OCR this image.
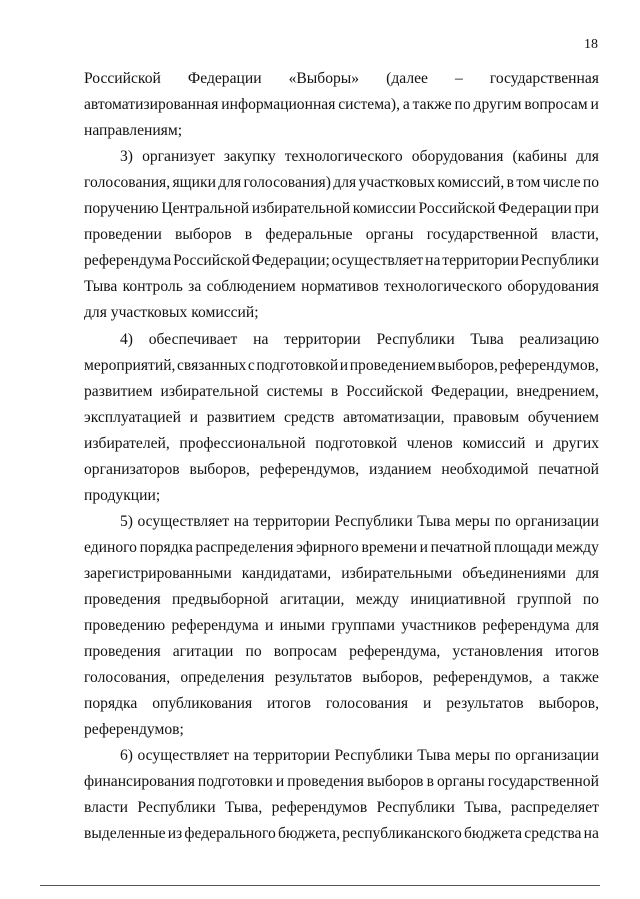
18
Российской Федерации «Выборы» (далее – государственная
автоматизированная информационная система), а также по другим вопросам и
направлениям;
3) организует закупку технологического оборудования (кабины для
голосования, ящики для голосования) для участковых комиссий, в том числе по
поручению Центральной избирательной комиссии Российской Федерации при
проведении выборов в федеральные органы государственной власти,
референдума Российской Федерации; осуществляет на территории Республики
Тыва контроль за соблюдением нормативов технологического оборудования
для участковых комиссий;
4) обеспечивает на территории Республики Тыва реализацию
мероприятий, связанных с подготовкой и проведением выборов, референдумов,
развитием избирательной системы в Российской Федерации, внедрением,
эксплуатацией и развитием средств автоматизации, правовым обучением
избирателей, профессиональной подготовкой членов комиссий и других
организаторов выборов, референдумов, изданием необходимой печатной
продукции;
5) осуществляет на территории Республики Тыва меры по организации
единого порядка распределения эфирного времени и печатной площади между
зарегистрированными кандидатами, избирательными объединениями для
проведения предвыборной агитации, между инициативной группой по
проведению референдума и иными группами участников референдума для
проведения агитации по вопросам референдума, установления итогов
голосования, определения результатов выборов, референдумов, а также
порядка опубликования итогов голосования и результатов выборов,
референдумов;
6) осуществляет на территории Республики Тыва меры по организации
финансирования подготовки и проведения выборов в органы государственной
власти Республики Тыва, референдумов Республики Тыва, распределяет
выделенные из федерального бюджета, республиканского бюджета средства на
